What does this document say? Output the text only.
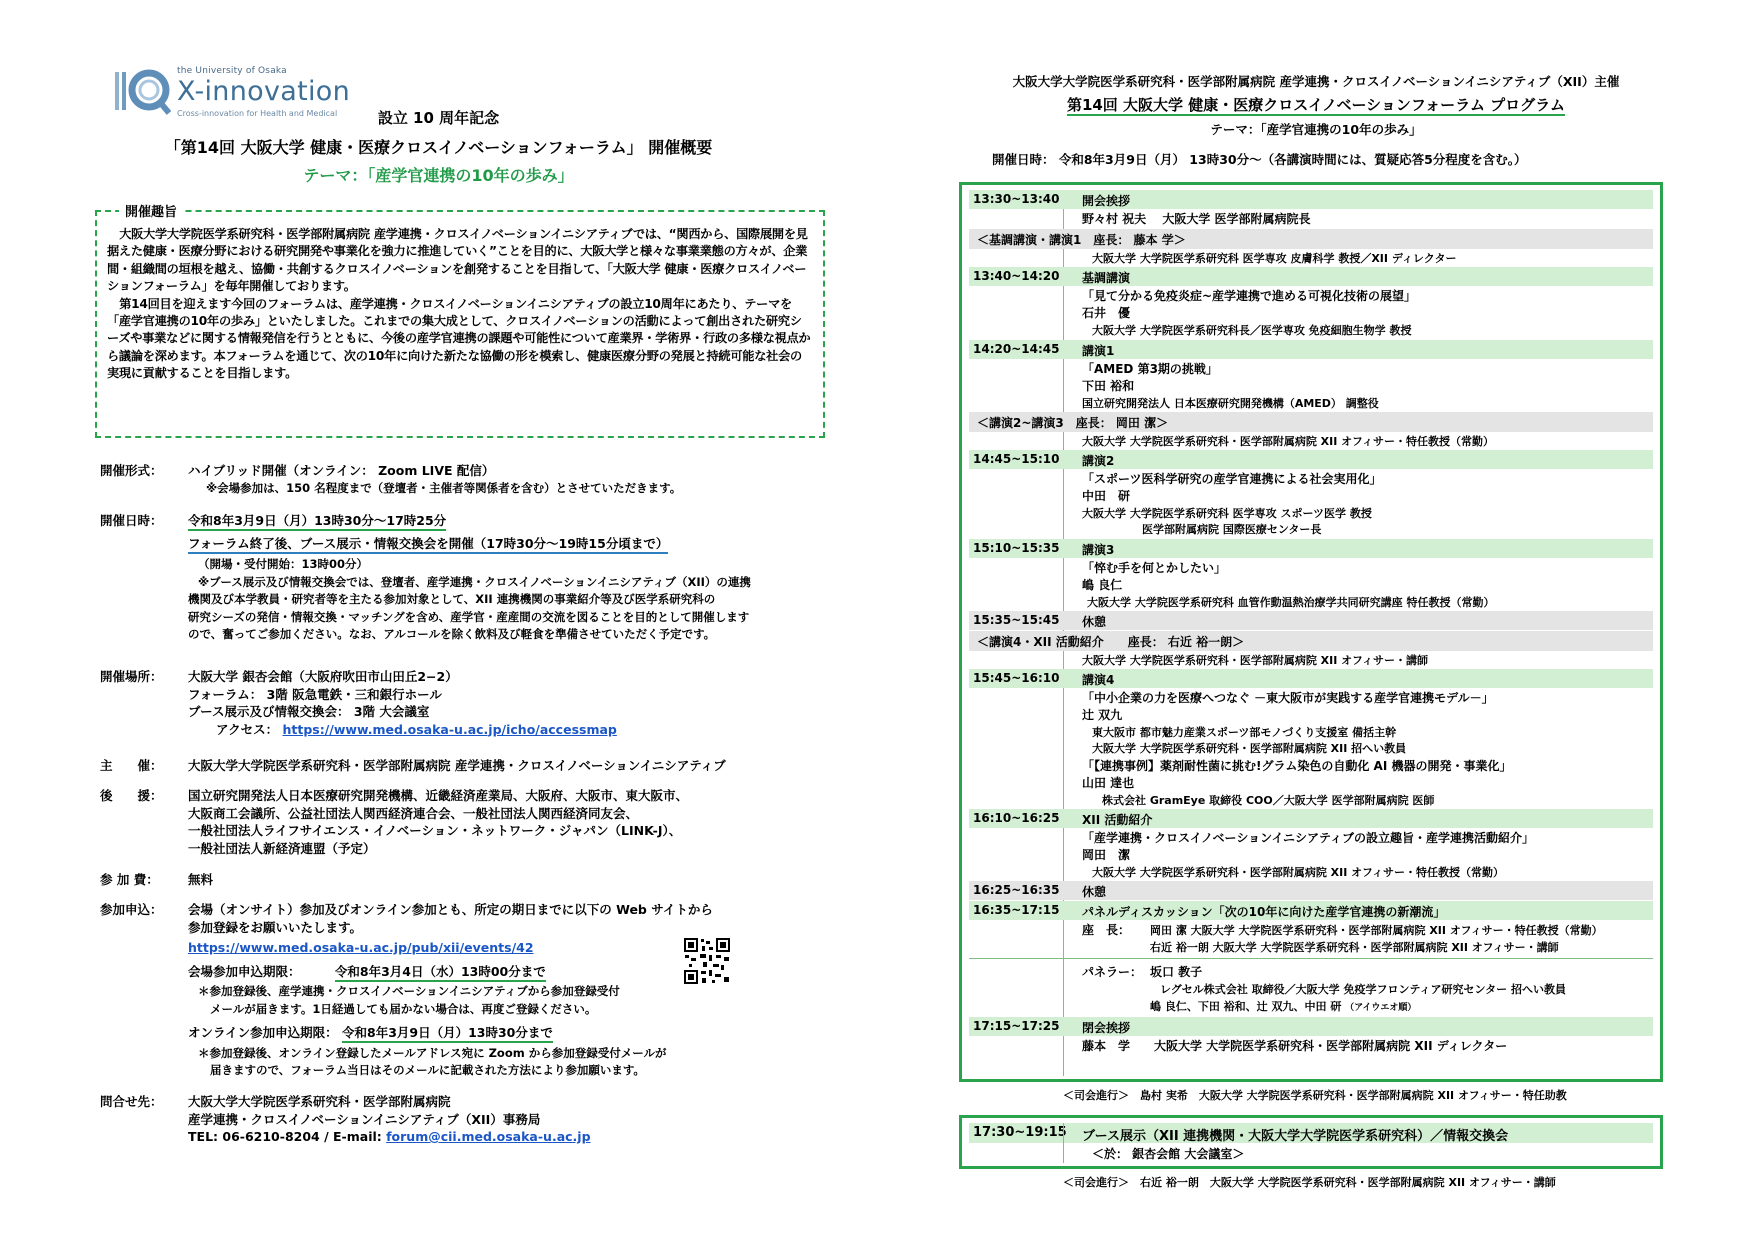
the University of Osaka
X-innovation
Cross-innovation for Health and Medical	設立 10 周年記念
「第14回 大阪大学 健康・医療クロスイノベーションフォーラム」 開催概要
テーマ：「産学官連携の10年の歩み」
開催趣旨

大阪大学大学院医学系研究科・医学部附属病院 産学連携・クロスイノベーションイニシアティブでは、“関西から、国際展開を見据えた健康・医療分野における研究開発や事業化を強力に推進していく”ことを目的に、大阪大学と様々な事業業態の方々が、企業間・組織間の垣根を越え、協働・共創するクロスイノベーションを創発することを目指して、「大阪大学 健康・医療クロスイノベーションフォーラム」を毎年開催しております。

第14回目を迎えます今回のフォーラムは、産学連携・クロスイノベーションイニシアティブの設立10周年にあたり、テーマを「産学官連携の10年の歩み」といたしました。これまでの集大成として、クロスイノベーションの活動によって創出された研究シーズや事業などに関する情報発信を行うとともに、今後の産学官連携の課題や可能性について産業界・学術界・行政の多様な視点から議論を深めます。本フォーラムを通じて、次の10年に向けた新たな協働の形を模索し、健康医療分野の発展と持続可能な社会の実現に貢献することを目指します。

開催形式： ハイブリッド開催（オンライン： Zoom LIVE 配信）
※会場参加は、150 名程度まで（登壇者・主催者等関係者を含む）とさせていただきます。
開催日時： 令和8年3月9日（月）13時30分～17時25分
フォーラム終了後、ブース展示・情報交換会を開催（17時30分～19時15分頃まで）
（開場・受付開始：13時00分）
※ブース展示及び情報交換会では、登壇者、産学連携・クロスイノベーションイニシアティブ（XII）の連携
機関及び本学教員・研究者等を主たる参加対象として、XII 連携機関の事業紹介等及び医学系研究科の
研究シーズの発信・情報交換・マッチングを含め、産学官・産産間の交流を図ることを目的として開催します
ので、奮ってご参加ください。なお、アルコールを除く飲料及び軽食を準備させていただく予定です。
開催場所： 大阪大学 銀杏会館（大阪府吹田市山田丘2−2）
フォーラム： 3階 阪急電鉄・三和銀行ホール
ブース展示及び情報交換会： 3階 大会議室
アクセス： https://www.med.osaka-u.ac.jp/icho/accessmap
主　　催： 大阪大学大学院医学系研究科・医学部附属病院 産学連携・クロスイノベーションイニシアティブ
後　　援： 国立研究開発法人日本医療研究開発機構、近畿経済産業局、大阪府、大阪市、東大阪市、
大阪商工会議所、公益社団法人関西経済連合会、一般社団法人関西経済同友会、
一般社団法人ライフサイエンス・イノベーション・ネットワーク・ジャパン（LINK-J）、
一般社団法人新経済連盟（予定）
参 加 費： 無料
参加申込： 会場（オンサイト）参加及びオンライン参加とも、所定の期日までに以下の Web サイトから
参加登録をお願いいたします。
https://www.med.osaka-u.ac.jp/pub/xii/events/42
会場参加申込期限：	令和8年3月4日（水）13時00分まで
＊参加登録後、産学連携・クロスイノベーションイニシアティブから参加登録受付
メールが届きます。1日経過しても届かない場合は、再度ご登録ください。
オンライン参加申込期限： 令和8年3月9日（月）13時30分まで
＊参加登録後、オンライン登録したメールアドレス宛に Zoom から参加登録受付メールが
届きますので、フォーラム当日はそのメールに記載された方法により参加願います。
問合せ先： 大阪大学大学院医学系研究科・医学部附属病院
産学連携・クロスイノベーションイニシアティブ（XII）事務局
TEL: 06-6210-8204 / E-mail: forum@cii.med.osaka-u.ac.jp
大阪大学大学院医学系研究科・医学部附属病院 産学連携・クロスイノベーションイニシアティブ（XII）主催
第14回 大阪大学 健康・医療クロスイノベーションフォーラム プログラム
テーマ：「産学官連携の10年の歩み」
開催日時： 令和8年3月9日（月） 13時30分～（各講演時間には、質疑応答5分程度を含む。）
13:30~13:40 開会挨拶
野々村 祝夫　 大阪大学 医学部附属病院長
＜基調講演・講演1　座長： 藤本 学＞
大阪大学 大学院医学系研究科 医学専攻 皮膚科学 教授／XII ディレクター
13:40~14:20 基調講演
「見て分かる免疫炎症~産学連携で進める可視化技術の展望」
石井　優
大阪大学 大学院医学系研究科長／医学専攻 免疫細胞生物学 教授
14:20~14:45 講演1
「AMED 第3期の挑戦」
下田 裕和
国立研究開発法人 日本医療研究開発機構（AMED） 調整役
＜講演2~講演3　座長： 岡田 潔＞
大阪大学 大学院医学系研究科・医学部附属病院 XII オフィサー・特任教授（常勤）
14:45~15:10 講演2
「スポーツ医科学研究の産学官連携による社会実用化」
中田　研
大阪大学 大学院医学系研究科 医学専攻 スポーツ医学 教授
医学部附属病院 国際医療センター長
15:10~15:35 講演3
「悴む手を何とかしたい」
嶋 良仁
大阪大学 大学院医学系研究科 血管作動温熱治療学共同研究講座 特任教授（常勤）
15:35~15:45 休憩
＜講演4・XII 活動紹介　　座長： 右近 裕一朗＞
大阪大学 大学院医学系研究科・医学部附属病院 XII オフィサー・講師
15:45~16:10 講演4
「中小企業の力を医療へつなぐ －東大阪市が実践する産学官連携モデル－」
辻 双九
東大阪市 都市魅力産業スポーツ部モノづくり支援室 備括主幹
大阪大学 大学院医学系研究科・医学部附属病院 XII 招へい教員
「【連携事例】薬剤耐性菌に挑む!グラム染色の自動化 AI 機器の開発・事業化」
山田 達也
株式会社 GramEye 取締役 COO／大阪大学 医学部附属病院 医師
16:10~16:25 XII 活動紹介
「産学連携・クロスイノベーションイニシアティブの設立趣旨・産学連携活動紹介」
岡田　潔
大阪大学 大学院医学系研究科・医学部附属病院 XII オフィサー・特任教授（常勤）
16:25~16:35 休憩
16:35~17:15 パネルディスカッション「次の10年に向けた産学官連携の新潮流」
座　長： 岡田 潔 大阪大学 大学院医学系研究科・医学部附属病院 XII オフィサー・特任教授（常勤）
右近 裕一朗 大阪大学 大学院医学系研究科・医学部附属病院 XII オフィサー・講師
パネラー： 坂口 教子
レグセル株式会社 取締役／大阪大学 免疫学フロンティア研究センター 招へい教員
嶋 良仁、下田 裕和、辻 双九、中田 研 （アイウエオ順）
17:15~17:25 閉会挨拶
藤本　学　　大阪大学 大学院医学系研究科・医学部附属病院 XII ディレクター
＜司会進行＞　島村 実希　大阪大学 大学院医学系研究科・医学部附属病院 XII オフィサー・特任助教
17:30~19:15 ブース展示（XII 連携機関・大阪大学大学院医学系研究科）／情報交換会
＜於： 銀杏会館 大会議室＞
＜司会進行＞　右近 裕一朗　大阪大学 大学院医学系研究科・医学部附属病院 XII オフィサー・講師
